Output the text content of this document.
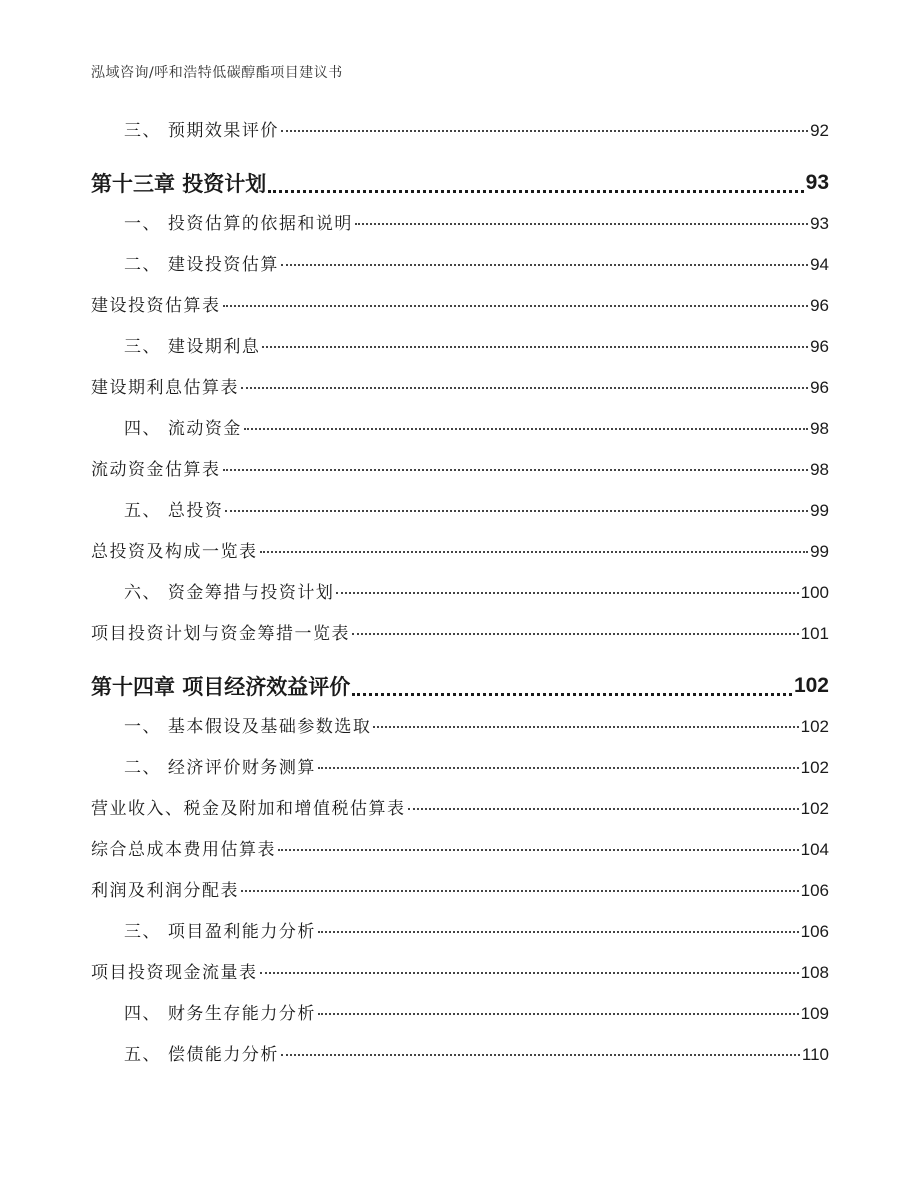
泓域咨询/呼和浩特低碳醇酯项目建议书
三、 预期效果评价	92
第十三章 投资计划	93
一、 投资估算的依据和说明	93
二、 建设投资估算	94
建设投资估算表	96
三、 建设期利息	96
建设期利息估算表	96
四、 流动资金	98
流动资金估算表	98
五、 总投资	99
总投资及构成一览表	99
六、 资金筹措与投资计划	100
项目投资计划与资金筹措一览表	101
第十四章 项目经济效益评价	102
一、 基本假设及基础参数选取	102
二、 经济评价财务测算	102
营业收入、税金及附加和增值税估算表	102
综合总成本费用估算表	104
利润及利润分配表	106
三、 项目盈利能力分析	106
项目投资现金流量表	108
四、 财务生存能力分析	109
五、 偿债能力分析	110
